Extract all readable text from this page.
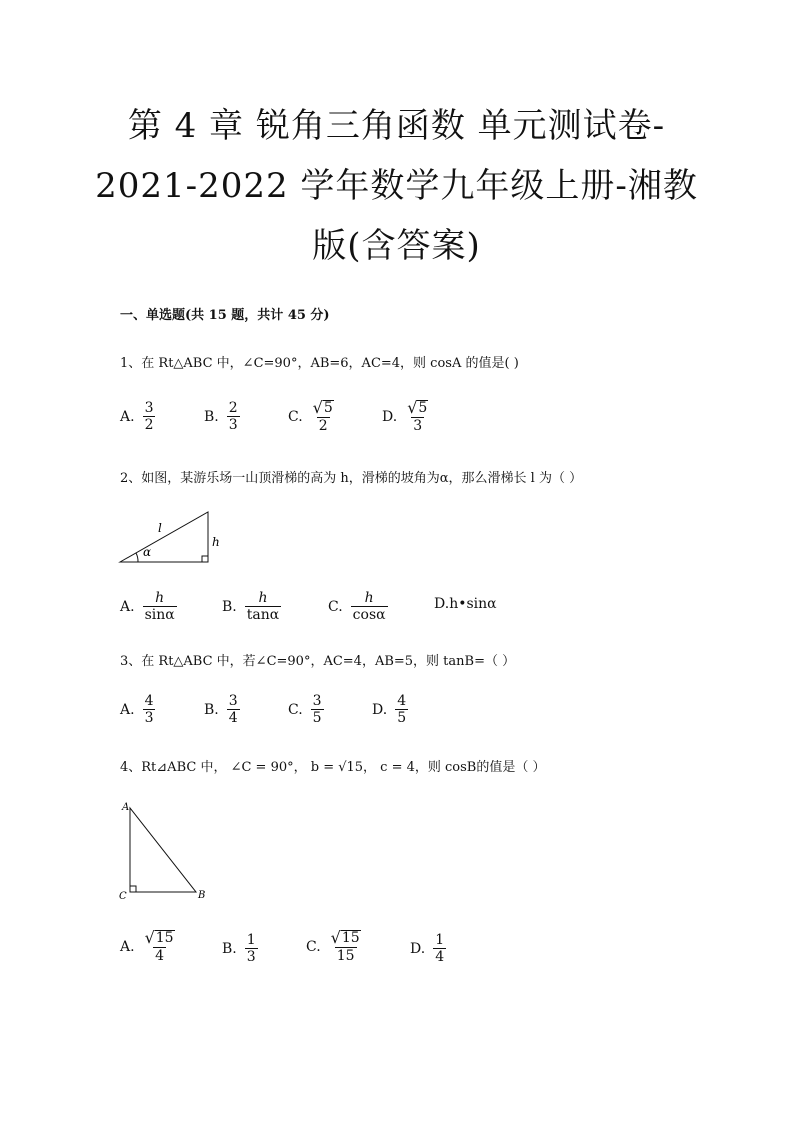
第 4 章 锐角三角函数 单元测试卷-
2021-2022 学年数学九年级上册-湘教
版(含答案)
一、单选题(共 15 题，共计 45 分)
1、在 Rt△ABC 中，∠C=90°，AB=6，AC=4，则 cosA 的值是( )
A. $\frac{3}{2}$	B. $\frac{2}{3}$	C. $\frac{√ 5}{2}$	D. $\frac{√ 5}{3}$
2、如图，某游乐场一山顶滑梯的高为 h，滑梯的坡角为α，那么滑梯长 l 为（ ）
l
h
α
A. $\frac{h}{\sin\alpha}$	B. $\frac{h}{\tan\alpha}$	C. $\frac{h}{\cos\alpha}$	D. h•sinα
3、在 Rt△ABC 中，若∠C=90°，AC=4，AB=5，则 tanB=（ ）
A. $\frac{4}{3}$	B. $\frac{3}{4}$	C. $\frac{3}{5}$	D. $\frac{4}{5}$
4、Rt⊿ABC 中， ∠C = 90°， b = √15， c = 4，则 cosB的值是（ ）
A
B
C
A. $\frac{√ 15}{4}$	B. $\frac{1}{3}$	C. $\frac{√ 15}{15}$	D. $\frac{1}{4}$
